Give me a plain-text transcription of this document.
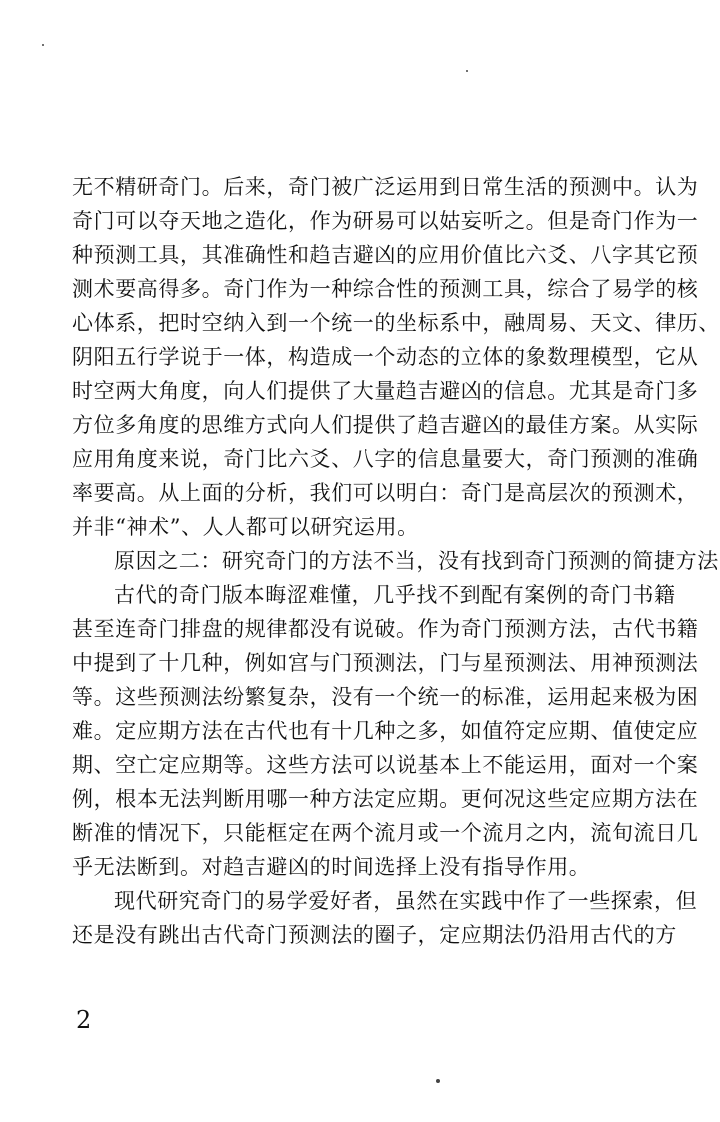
无不精研奇门。后来，奇门被广泛运用到日常生活的预测中。认为
奇门可以夺天地之造化，作为研易可以姑妄听之。但是奇门作为一
种预测工具，其准确性和趋吉避凶的应用价值比六爻、八字其它预
测术要高得多。奇门作为一种综合性的预测工具，综合了易学的核
心体系，把时空纳入到一个统一的坐标系中，融周易、天文、律历、
阴阳五行学说于一体，构造成一个动态的立体的象数理模型，它从
时空两大角度，向人们提供了大量趋吉避凶的信息。尤其是奇门多
方位多角度的思维方式向人们提供了趋吉避凶的最佳方案。从实际
应用角度来说，奇门比六爻、八字的信息量要大，奇门预测的准确
率要高。从上面的分析，我们可以明白：奇门是高层次的预测术，
并非“神术”、人人都可以研究运用。
原因之二：研究奇门的方法不当，没有找到奇门预测的简捷方法
古代的奇门版本晦涩难懂，几乎找不到配有案例的奇门书籍
甚至连奇门排盘的规律都没有说破。作为奇门预测方法，古代书籍
中提到了十几种，例如宫与门预测法，门与星预测法、用神预测法
等。这些预测法纷繁复杂，没有一个统一的标准，运用起来极为困
难。定应期方法在古代也有十几种之多，如值符定应期、值使定应
期、空亡定应期等。这些方法可以说基本上不能运用，面对一个案
例，根本无法判断用哪一种方法定应期。更何况这些定应期方法在
断准的情况下，只能框定在两个流月或一个流月之内，流旬流日几
乎无法断到。对趋吉避凶的时间选择上没有指导作用。
现代研究奇门的易学爱好者，虽然在实践中作了一些探索，但
还是没有跳出古代奇门预测法的圈子，定应期法仍沿用古代的方
2
